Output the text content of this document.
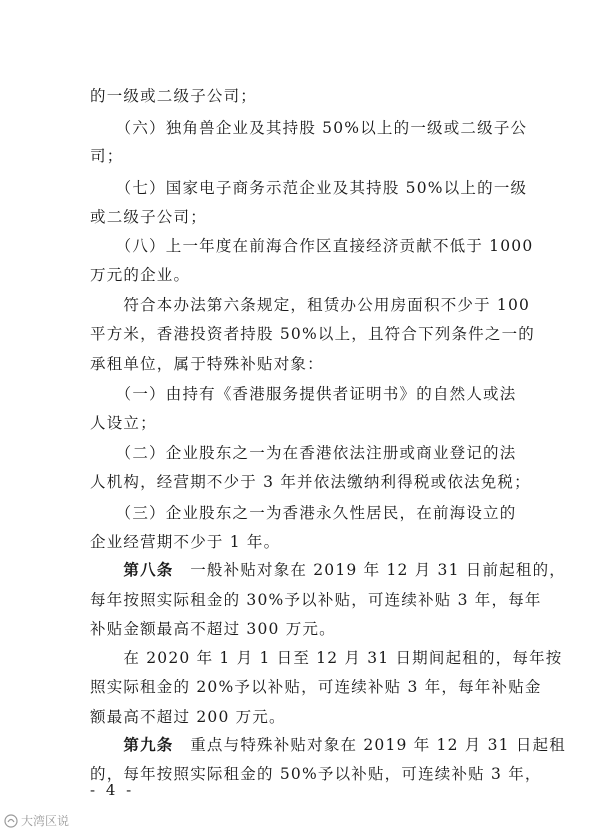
的一级或二级子公司；
　　（六）独角兽企业及其持股 50%以上的一级或二级子公
司；
　　（七）国家电子商务示范企业及其持股 50%以上的一级
或二级子公司；
　　（八）上一年度在前海合作区直接经济贡献不低于 1000
万元的企业。
　　符合本办法第六条规定，租赁办公用房面积不少于 100
平方米，香港投资者持股 50%以上，且符合下列条件之一的
承租单位，属于特殊补贴对象：
　　（一）由持有《香港服务提供者证明书》的自然人或法
人设立；
　　（二）企业股东之一为在香港依法注册或商业登记的法
人机构，经营期不少于 3 年并依法缴纳利得税或依法免税；
　　（三）企业股东之一为香港永久性居民，在前海设立的
企业经营期不少于 1 年。
　　第八条　一般补贴对象在 2019 年 12 月 31 日前起租的，
每年按照实际租金的 30%予以补贴，可连续补贴 3 年，每年
补贴金额最高不超过 300 万元。
　　在 2020 年 1 月 1 日至 12 月 31 日期间起租的，每年按
照实际租金的 20%予以补贴，可连续补贴 3 年，每年补贴金
额最高不超过 200 万元。
　　第九条　重点与特殊补贴对象在 2019 年 12 月 31 日起租
的，每年按照实际租金的 50%予以补贴，可连续补贴 3 年，
- 4 -
大湾区说
